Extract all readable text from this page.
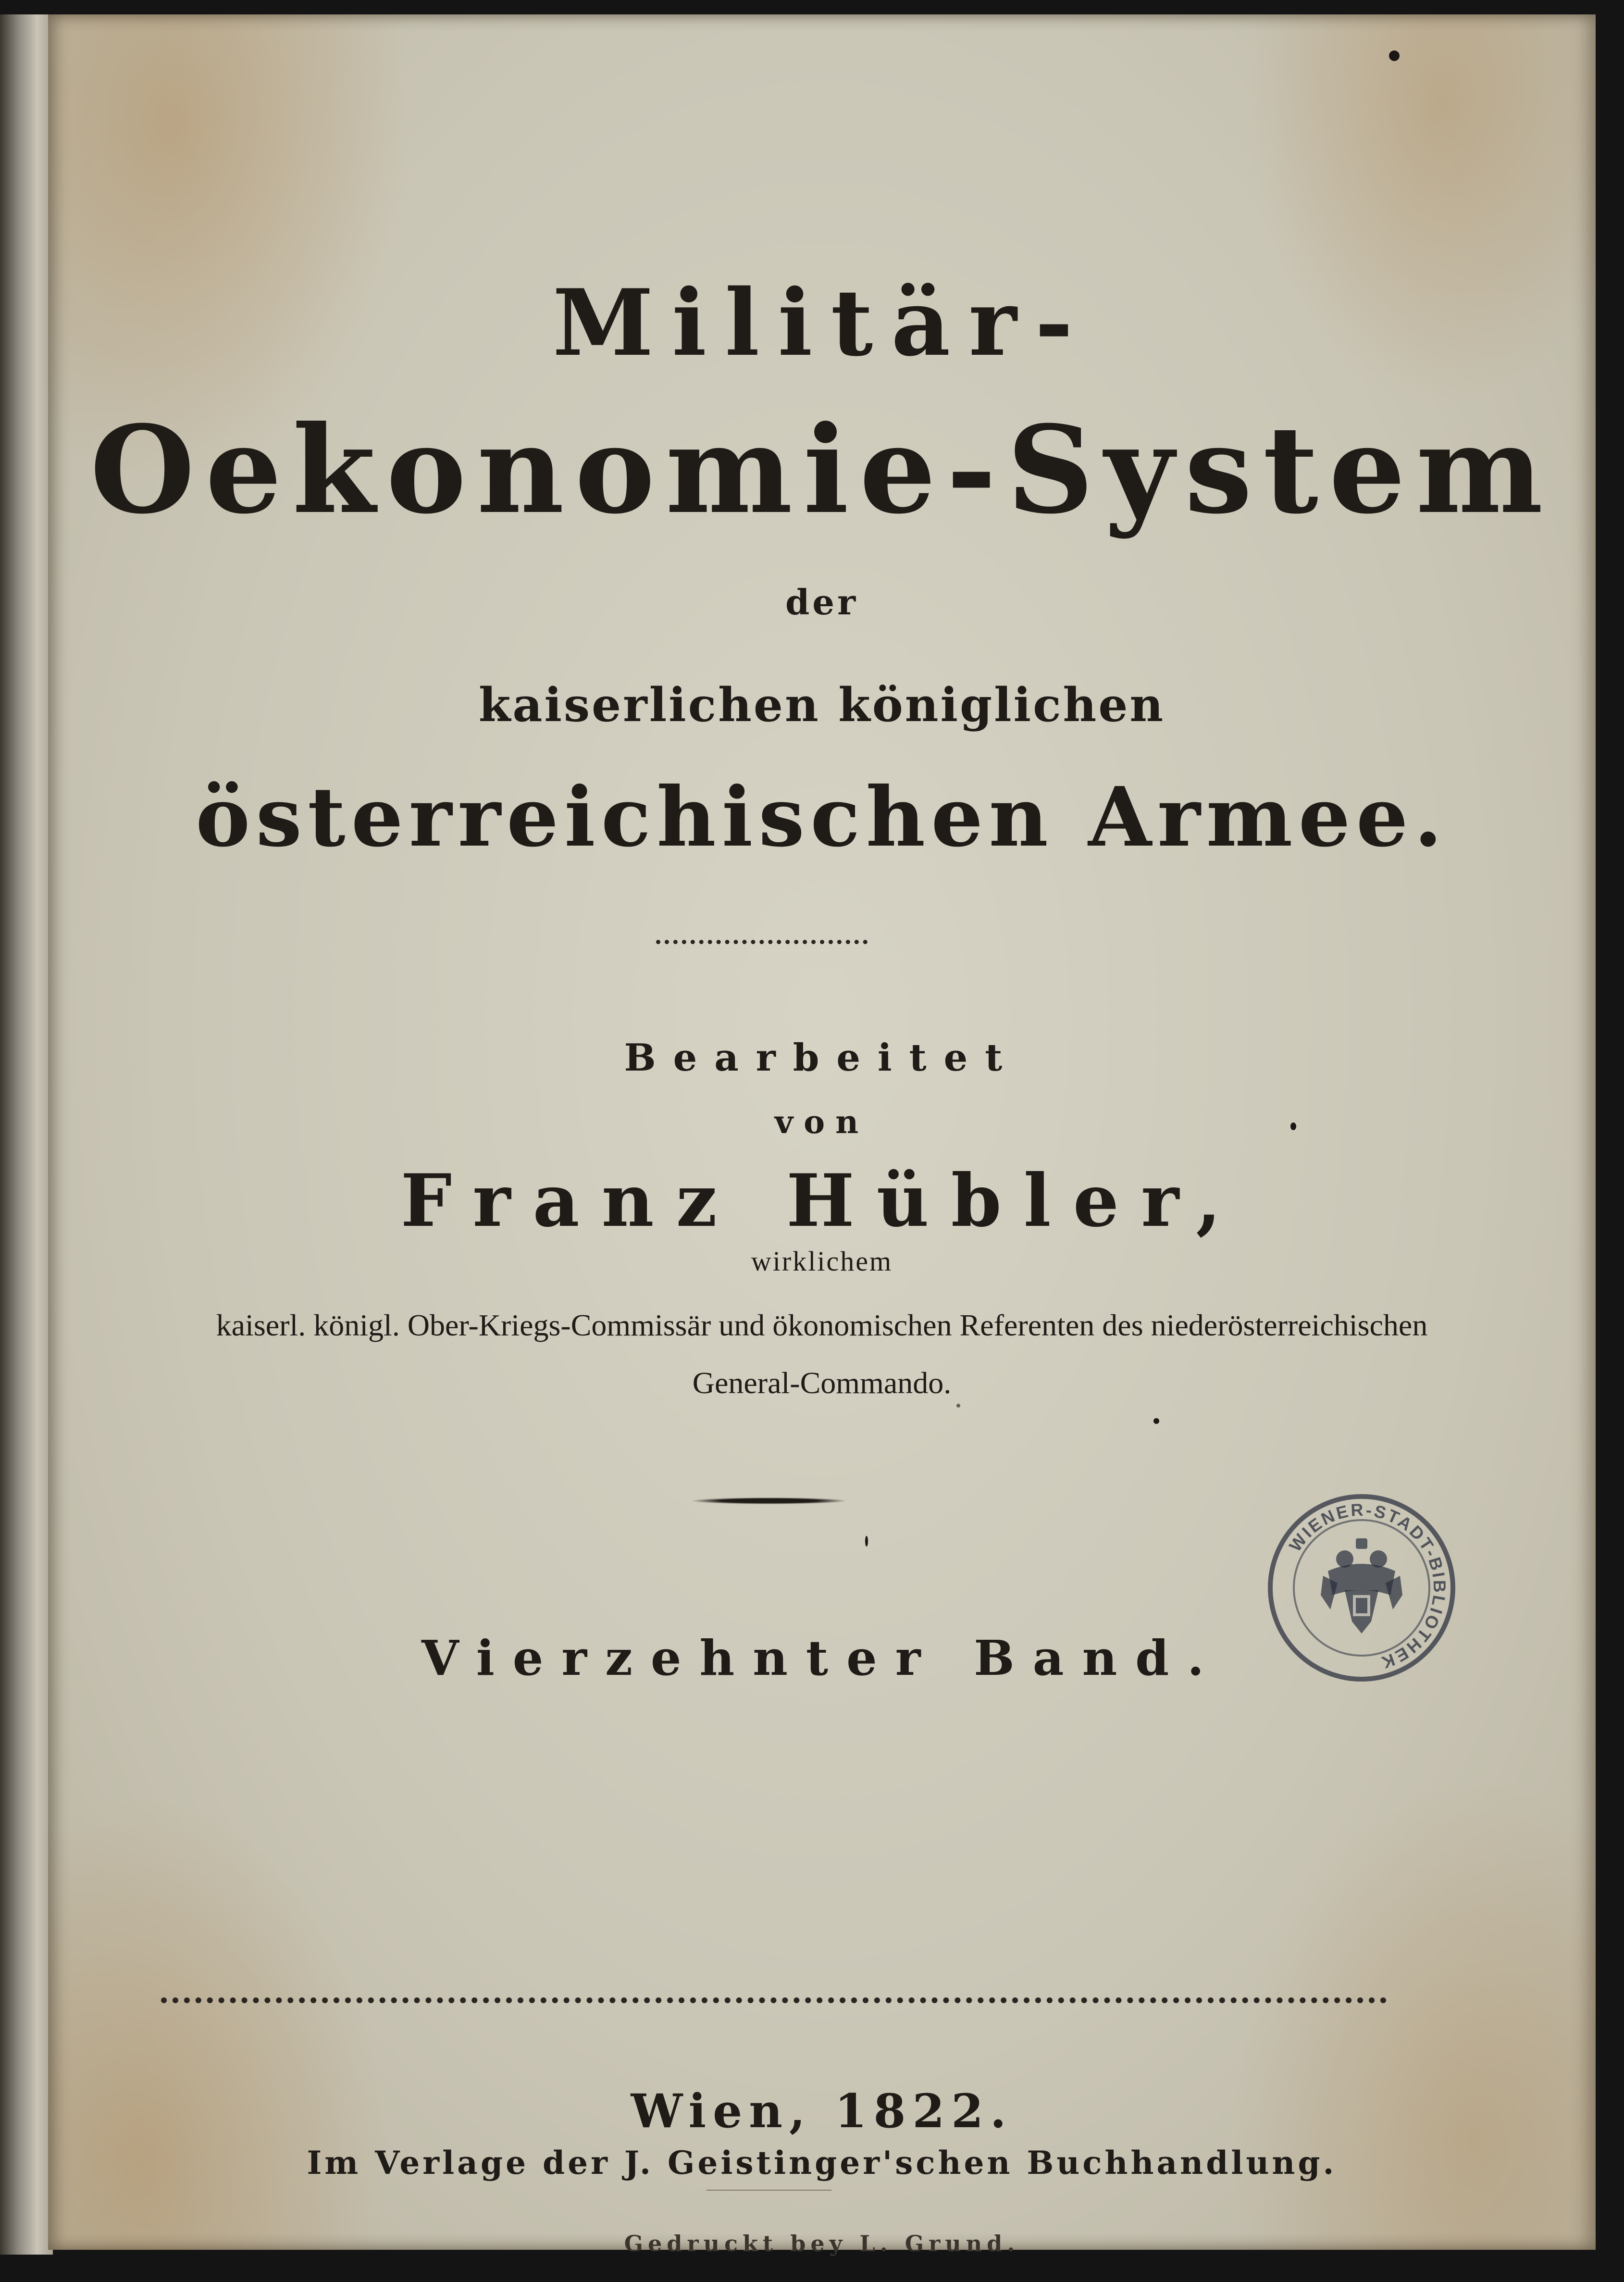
Militär-
Oekonomie-System
der
kaiserlichen königlichen
österreichischen Armee.
Bearbeitet
von
Franz Hübler,
wirklichem
kaiserl. königl. Ober-Kriegs-Commissär und ökonomischen Referenten des niederösterreichischen
General-Commando.
Vierzehnter Band.
Wien, 1822.
Im Verlage der J. Geistinger'schen Buchhandlung.
Gedruckt bey L. Grund.
WIENER-STADT-BIBLIOTHEK
